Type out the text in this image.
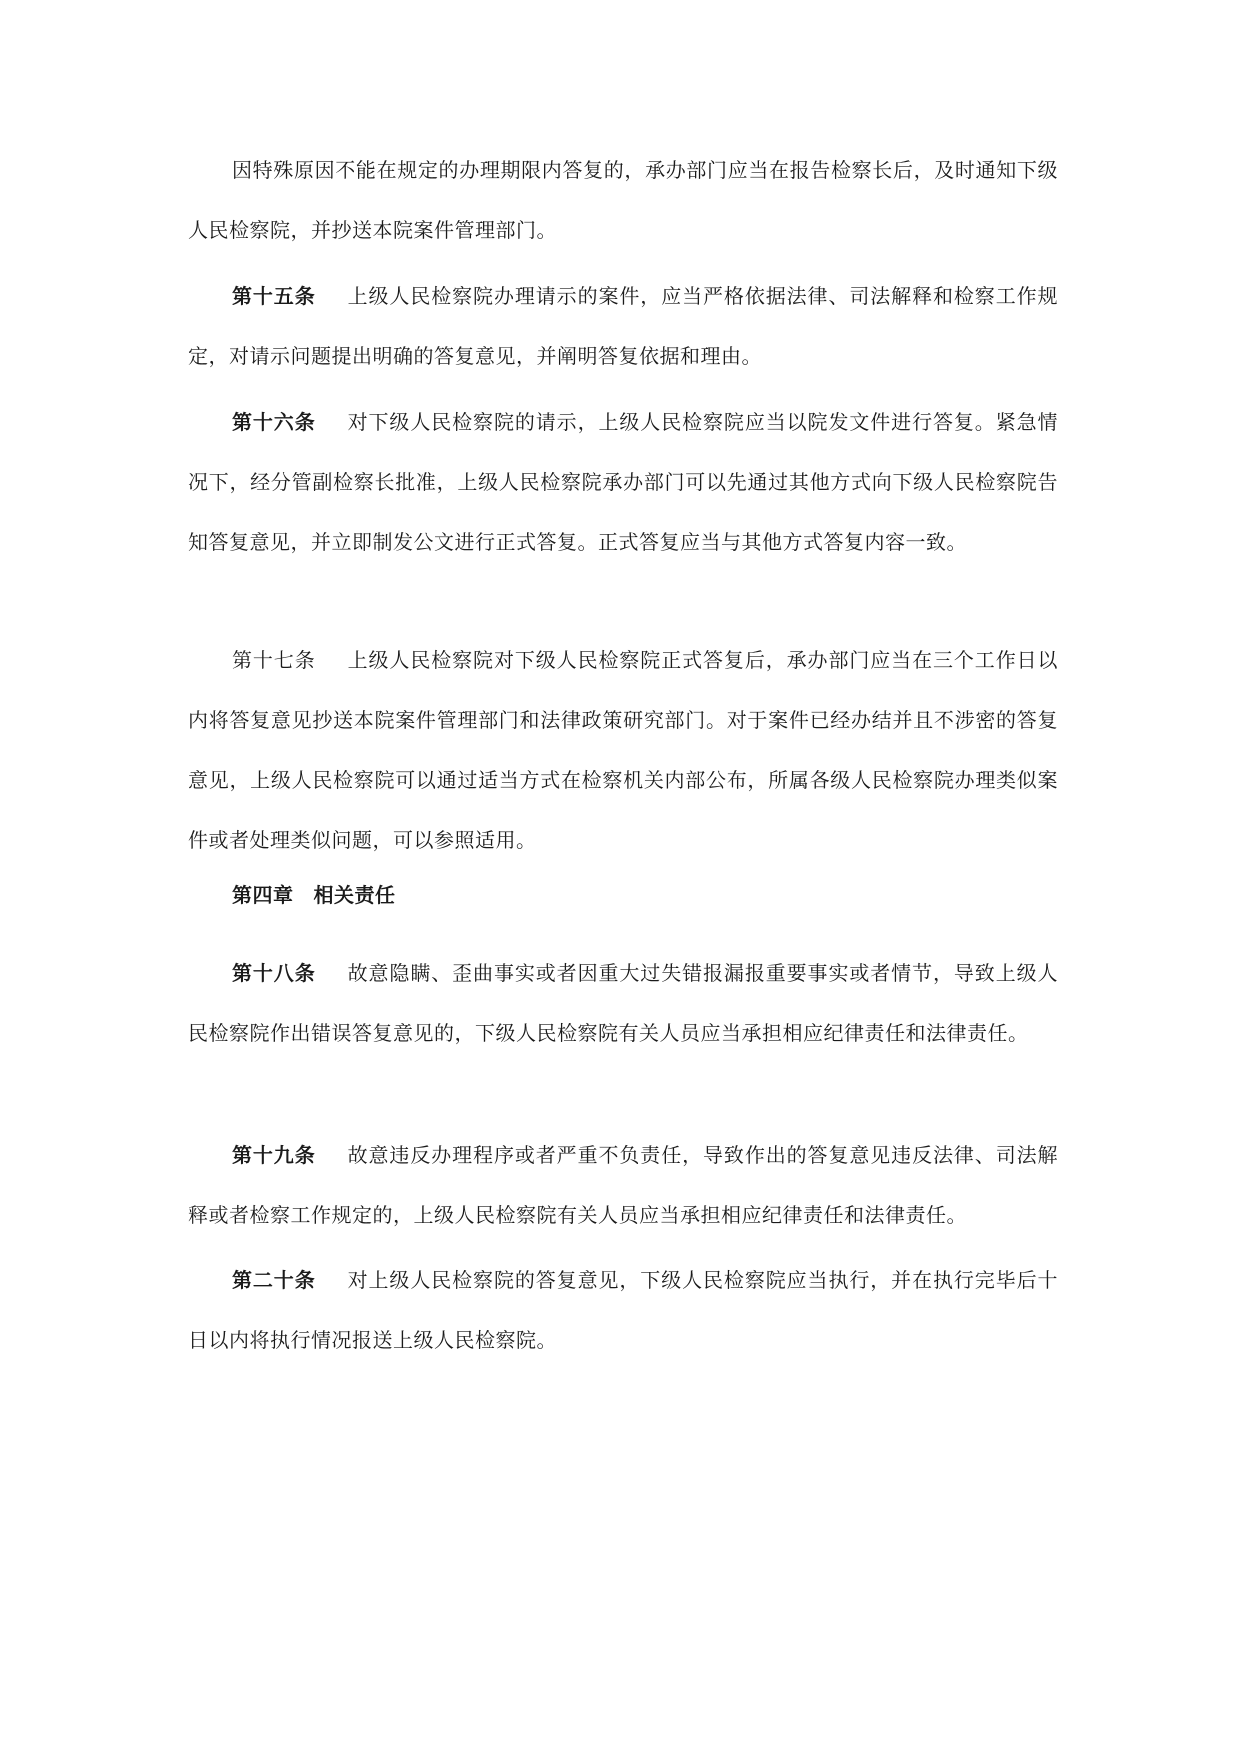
因特殊原因不能在规定的办理期限内答复的，承办部门应当在报告检察长后，及时通知下级人民检察院，并抄送本院案件管理部门。

第十五条 上级人民检察院办理请示的案件，应当严格依据法律、司法解释和检察工作规定，对请示问题提出明确的答复意见，并阐明答复依据和理由。

第十六条 对下级人民检察院的请示，上级人民检察院应当以院发文件进行答复。紧急情况下，经分管副检察长批准，上级人民检察院承办部门可以先通过其他方式向下级人民检察院告知答复意见，并立即制发公文进行正式答复。正式答复应当与其他方式答复内容一致。

第十七条 上级人民检察院对下级人民检察院正式答复后，承办部门应当在三个工作日以内将答复意见抄送本院案件管理部门和法律政策研究部门。对于案件已经办结并且不涉密的答复意见，上级人民检察院可以通过适当方式在检察机关内部公布，所属各级人民检察院办理类似案件或者处理类似问题，可以参照适用。

第四章 相关责任

第十八条 故意隐瞒、歪曲事实或者因重大过失错报漏报重要事实或者情节，导致上级人民检察院作出错误答复意见的，下级人民检察院有关人员应当承担相应纪律责任和法律责任。

第十九条 故意违反办理程序或者严重不负责任，导致作出的答复意见违反法律、司法解释或者检察工作规定的，上级人民检察院有关人员应当承担相应纪律责任和法律责任。

第二十条 对上级人民检察院的答复意见，下级人民检察院应当执行，并在执行完毕后十日以内将执行情况报送上级人民检察院。
